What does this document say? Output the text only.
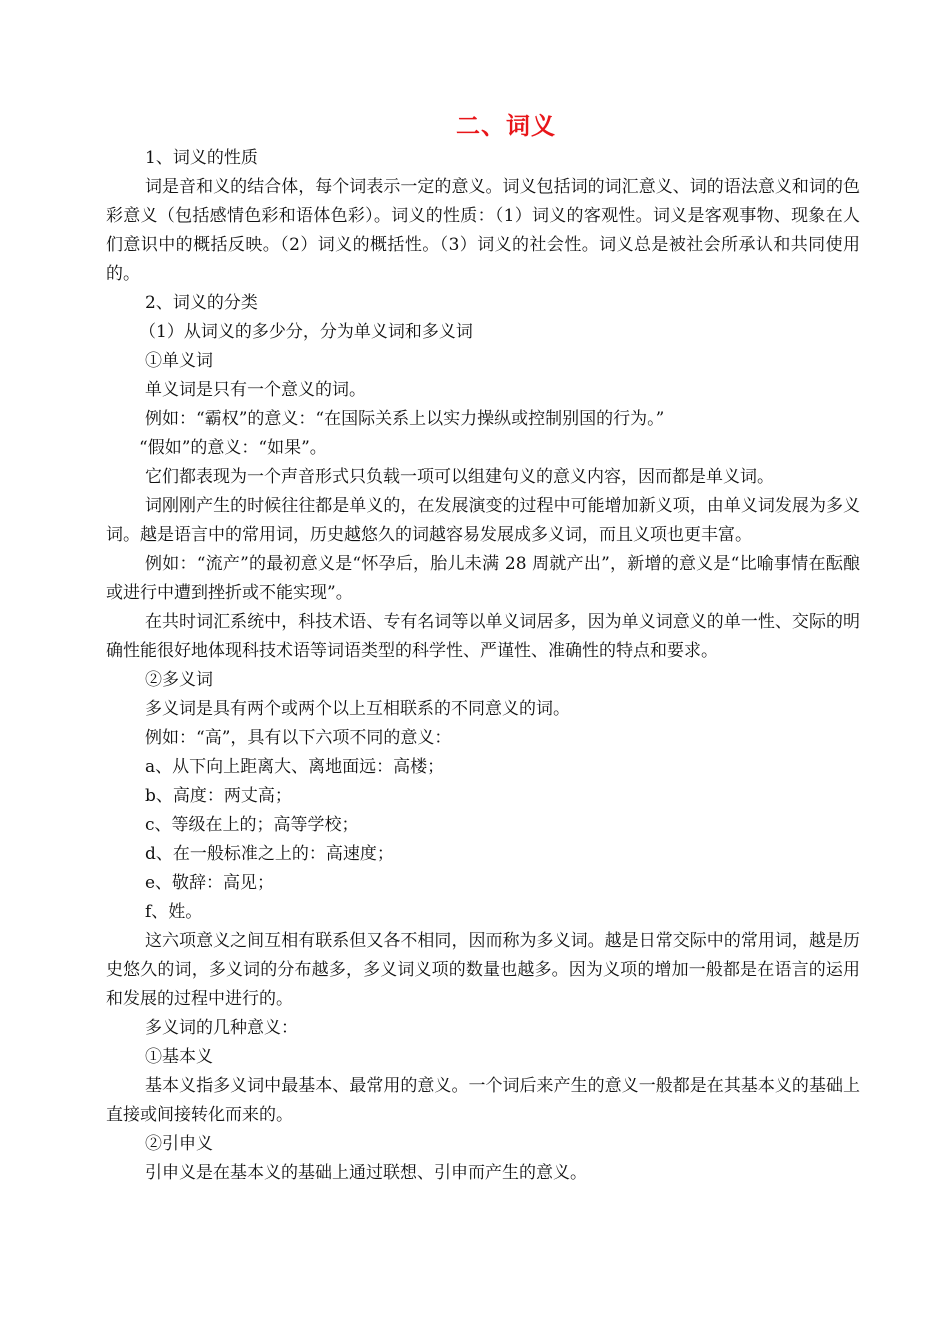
二、词义

1、词义的性质

词是音和义的结合体，每个词表示一定的意义。词义包括词的词汇意义、词的语法意义和词的色彩意义（包括感情色彩和语体色彩）。词义的性质：（1）词义的客观性。词义是客观事物、现象在人们意识中的概括反映。（2）词义的概括性。（3）词义的社会性。词义总是被社会所承认和共同使用的。

2、词义的分类

（1）从词义的多少分，分为单义词和多义词

①单义词

单义词是只有一个意义的词。

例如：“霸权”的意义：“在国际关系上以实力操纵或控制别国的行为。”

“假如”的意义：“如果”。

它们都表现为一个声音形式只负载一项可以组建句义的意义内容，因而都是单义词。

词刚刚产生的时候往往都是单义的，在发展演变的过程中可能增加新义项，由单义词发展为多义词。越是语言中的常用词，历史越悠久的词越容易发展成多义词，而且义项也更丰富。

例如：“流产”的最初意义是“怀孕后，胎儿未满 28 周就产出”，新增的意义是“比喻事情在酝酿或进行中遭到挫折或不能实现”。

在共时词汇系统中，科技术语、专有名词等以单义词居多，因为单义词意义的单一性、交际的明确性能很好地体现科技术语等词语类型的科学性、严谨性、准确性的特点和要求。

②多义词

多义词是具有两个或两个以上互相联系的不同意义的词。

例如：“高”，具有以下六项不同的意义：

a、从下向上距离大、离地面远：高楼；

b、高度：两丈高；

c、等级在上的；高等学校；

d、在一般标准之上的：高速度；

e、敬辞：高见；

f、姓。

这六项意义之间互相有联系但又各不相同，因而称为多义词。越是日常交际中的常用词，越是历史悠久的词，多义词的分布越多，多义词义项的数量也越多。因为义项的增加一般都是在语言的运用和发展的过程中进行的。

多义词的几种意义：

①基本义

基本义指多义词中最基本、最常用的意义。一个词后来产生的意义一般都是在其基本义的基础上直接或间接转化而来的。

②引申义

引申义是在基本义的基础上通过联想、引申而产生的意义。
